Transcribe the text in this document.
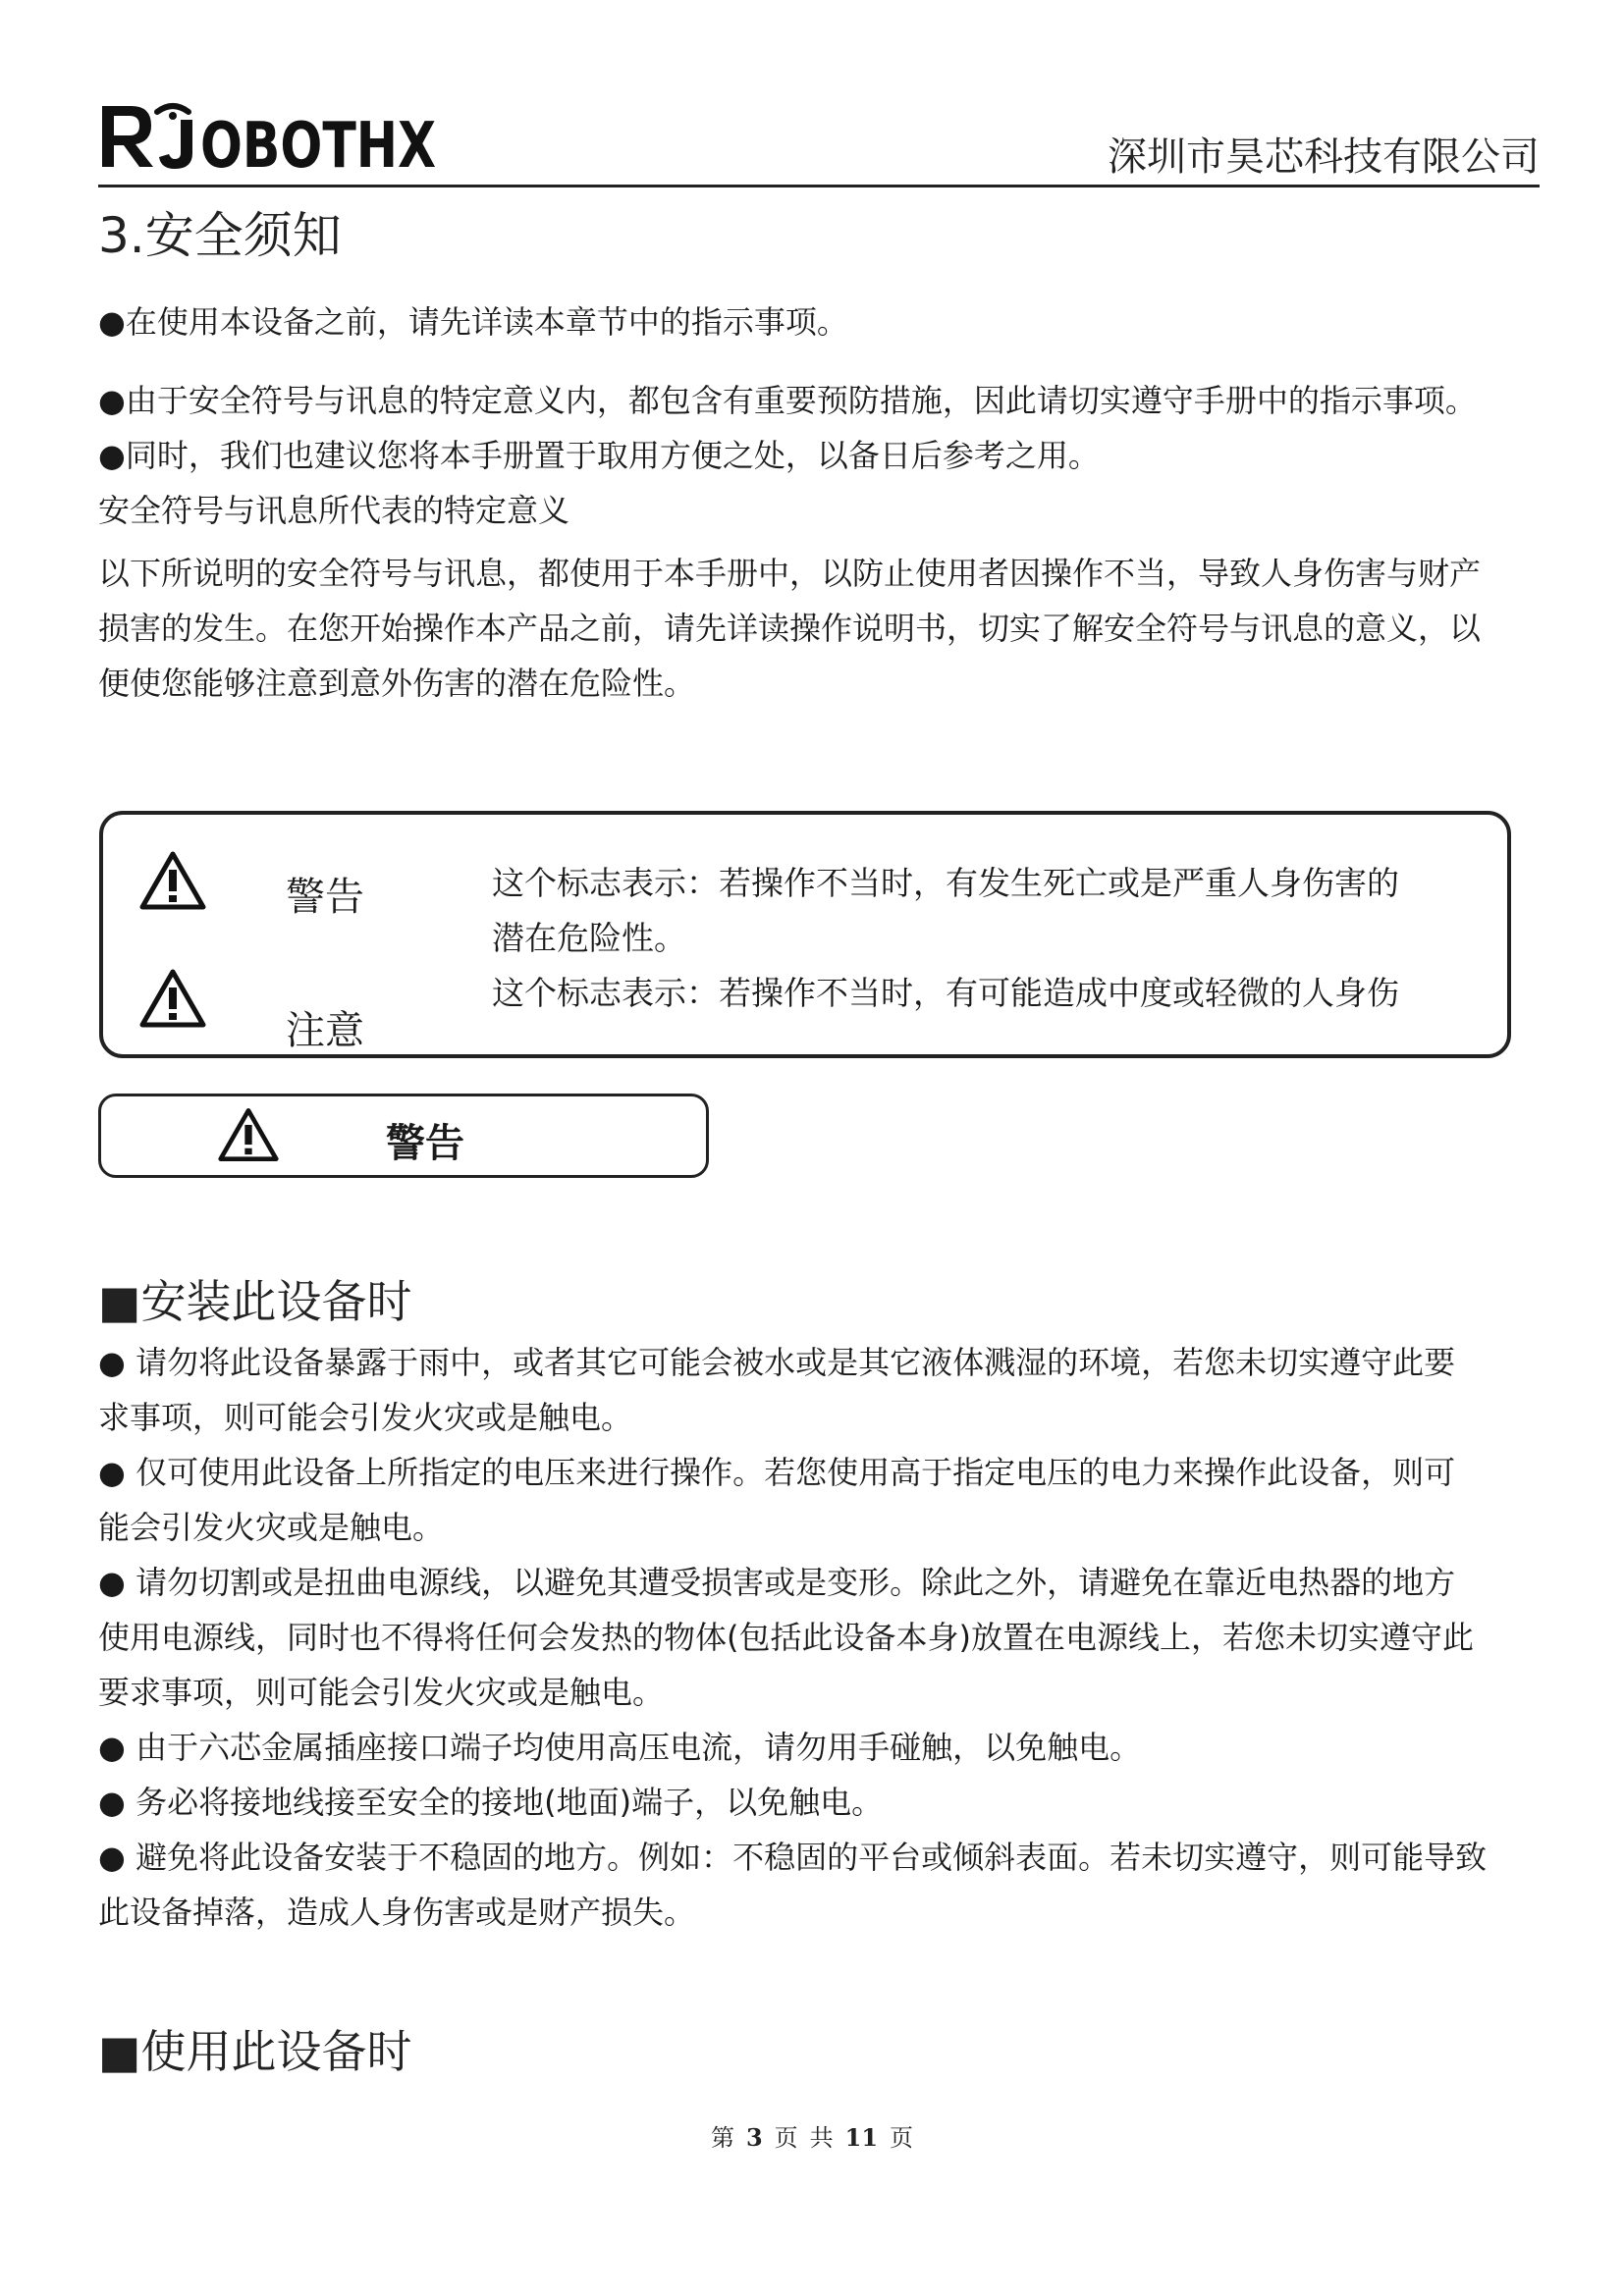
OBOTHX	深圳市昊芯科技有限公司
3.安全须知
●在使用本设备之前，请先详读本章节中的指示事项。
●由于安全符号与讯息的特定意义内，都包含有重要预防措施，因此请切实遵守手册中的指示事项。
●同时，我们也建议您将本手册置于取用方便之处，以备日后参考之用。
安全符号与讯息所代表的特定意义
以下所说明的安全符号与讯息，都使用于本手册中，以防止使用者因操作不当，导致人身伤害与财产
损害的发生。在您开始操作本产品之前，请先详读操作说明书，切实了解安全符号与讯息的意义，以
便使您能够注意到意外伤害的潜在危险性。
警告	这个标志表示：若操作不当时，有发生死亡或是严重人身伤害的
潜在危险性。
注意
这个标志表示：若操作不当时，有可能造成中度或轻微的人身伤
警告
■安装此设备时
● 请勿将此设备暴露于雨中，或者其它可能会被水或是其它液体溅湿的环境，若您未切实遵守此要
求事项，则可能会引发火灾或是触电。
● 仅可使用此设备上所指定的电压来进行操作。若您使用高于指定电压的电力来操作此设备，则可
能会引发火灾或是触电。
● 请勿切割或是扭曲电源线，以避免其遭受损害或是变形。除此之外，请避免在靠近电热器的地方
使用电源线，同时也不得将任何会发热的物体(包括此设备本身)放置在电源线上，若您未切实遵守此
要求事项，则可能会引发火灾或是触电。
● 由于六芯金属插座接口端子均使用高压电流，请勿用手碰触，以免触电。
● 务必将接地线接至安全的接地(地面)端子，以免触电。
● 避免将此设备安装于不稳固的地方。例如：不稳固的平台或倾斜表面。若未切实遵守，则可能导致
此设备掉落，造成人身伤害或是财产损失。
■使用此设备时
第 3 页 共 11 页
